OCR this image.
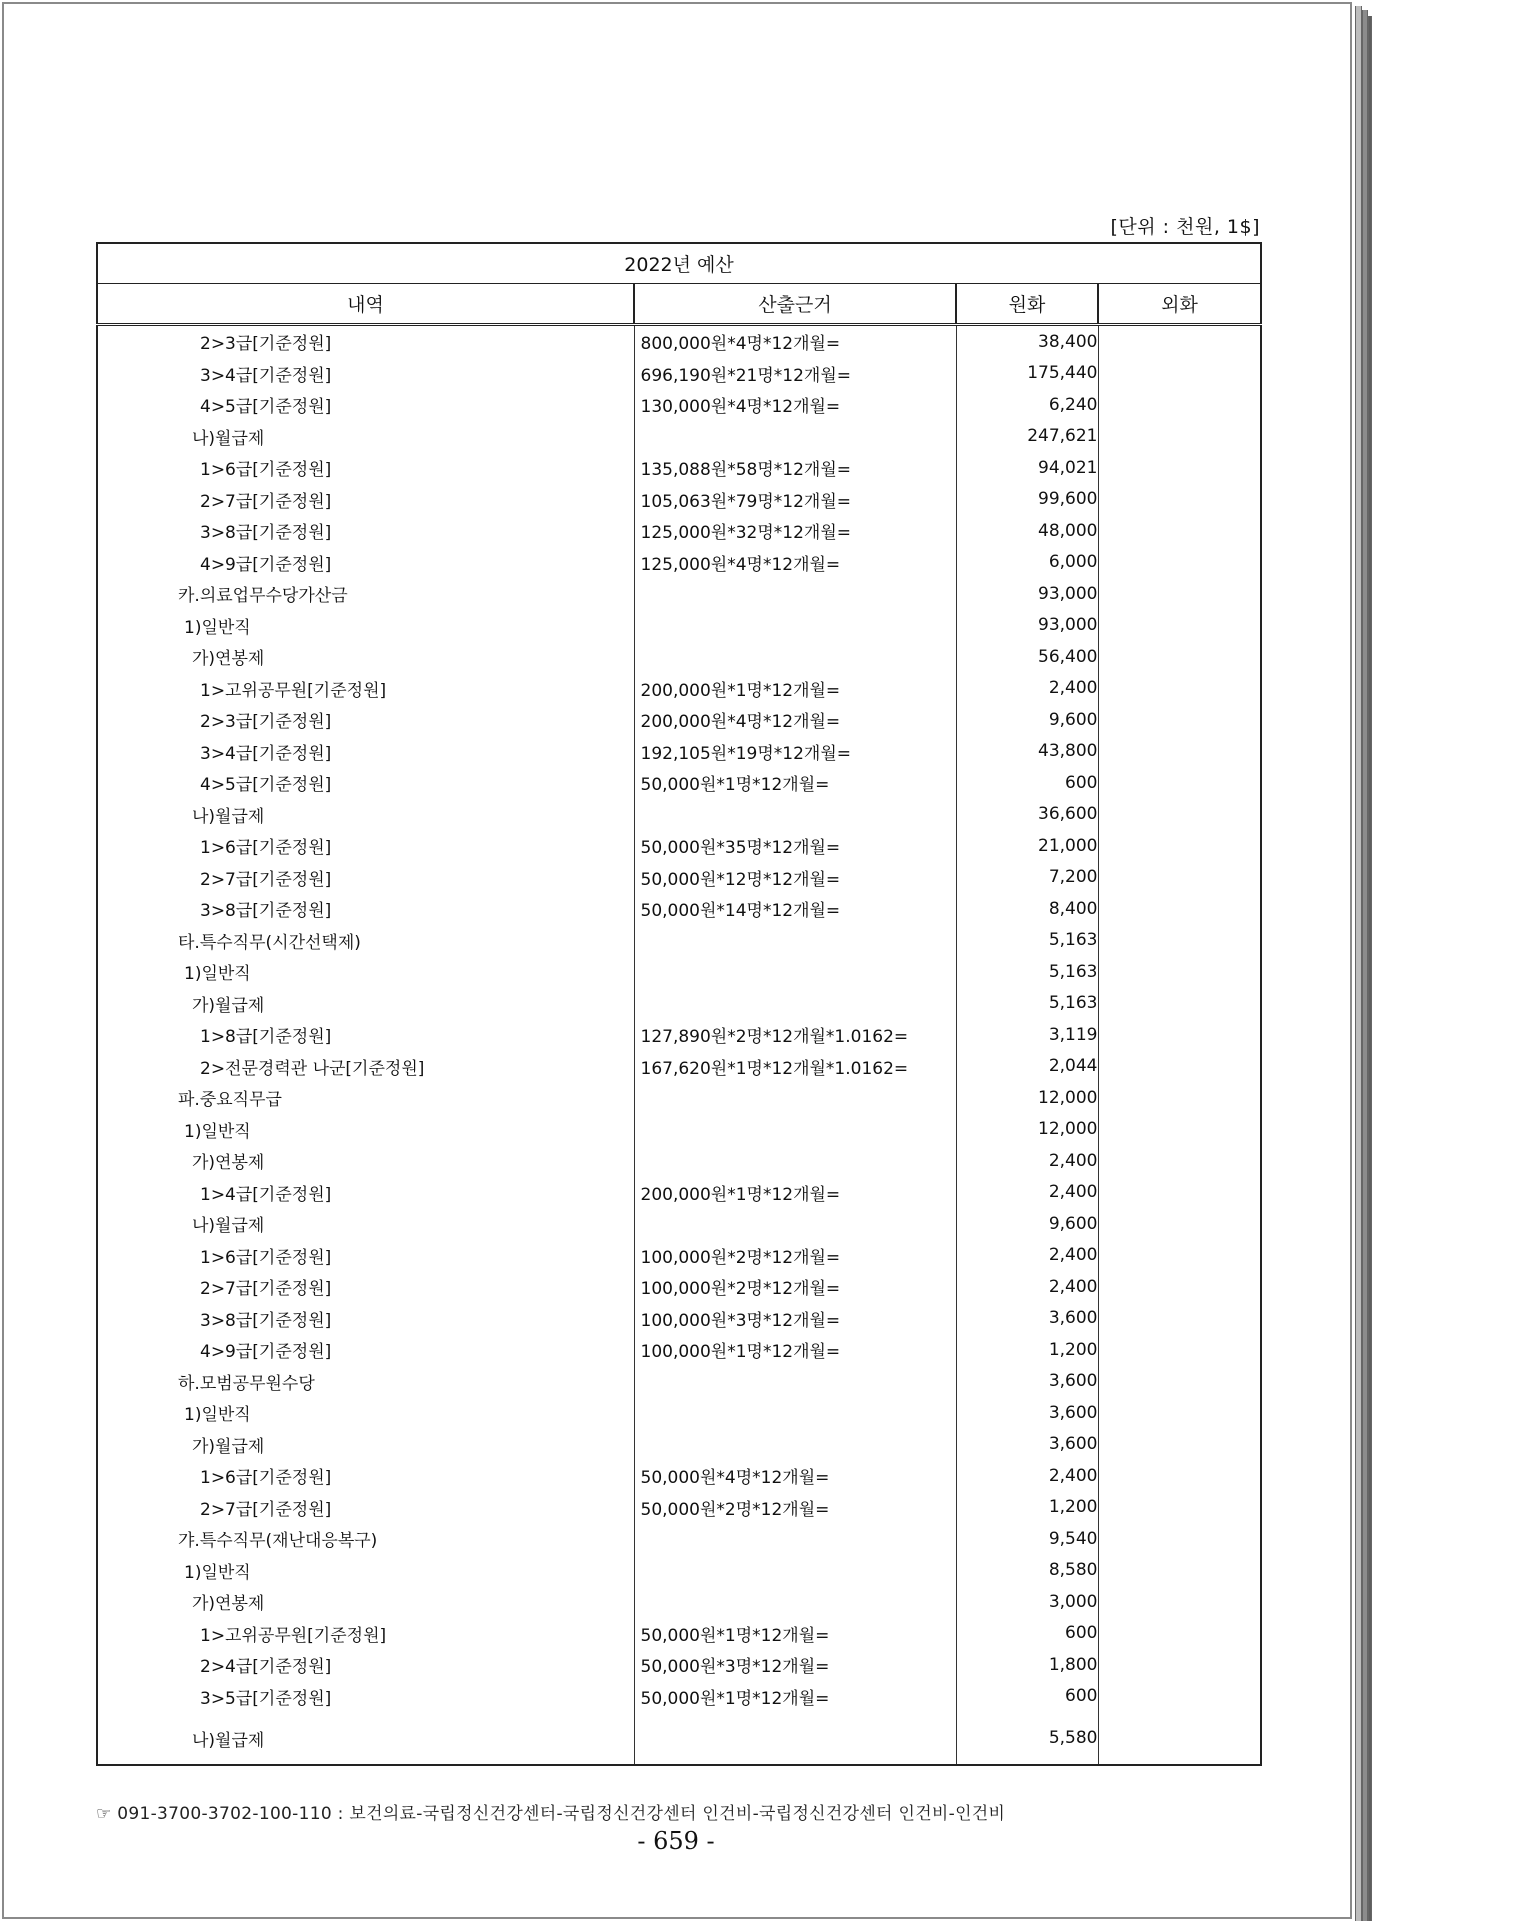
[단위 : 천원, 1$]
2022년 예산			
내역	산출근거	원화	외화
2>3급[기준정원]	800,000원*4명*12개월=	38,400	
3>4급[기준정원]	696,190원*21명*12개월=	175,440	
4>5급[기준정원]	130,000원*4명*12개월=	6,240	
나)월급제		247,621	
1>6급[기준정원]	135,088원*58명*12개월=	94,021	
2>7급[기준정원]	105,063원*79명*12개월=	99,600	
3>8급[기준정원]	125,000원*32명*12개월=	48,000	
4>9급[기준정원]	125,000원*4명*12개월=	6,000	
카.의료업무수당가산금		93,000	
1)일반직		93,000	
가)연봉제		56,400	
1>고위공무원[기준정원]	200,000원*1명*12개월=	2,400	
2>3급[기준정원]	200,000원*4명*12개월=	9,600	
3>4급[기준정원]	192,105원*19명*12개월=	43,800	
4>5급[기준정원]	50,000원*1명*12개월=	600	
나)월급제		36,600	
1>6급[기준정원]	50,000원*35명*12개월=	21,000	
2>7급[기준정원]	50,000원*12명*12개월=	7,200	
3>8급[기준정원]	50,000원*14명*12개월=	8,400	
타.특수직무(시간선택제)		5,163	
1)일반직		5,163	
가)월급제		5,163	
1>8급[기준정원]	127,890원*2명*12개월*1.0162=	3,119	
2>전문경력관 나군[기준정원]	167,620원*1명*12개월*1.0162=	2,044	
파.중요직무급		12,000	
1)일반직		12,000	
가)연봉제		2,400	
1>4급[기준정원]	200,000원*1명*12개월=	2,400	
나)월급제		9,600	
1>6급[기준정원]	100,000원*2명*12개월=	2,400	
2>7급[기준정원]	100,000원*2명*12개월=	2,400	
3>8급[기준정원]	100,000원*3명*12개월=	3,600	
4>9급[기준정원]	100,000원*1명*12개월=	1,200	
하.모범공무원수당		3,600	
1)일반직		3,600	
가)월급제		3,600	
1>6급[기준정원]	50,000원*4명*12개월=	2,400	
2>7급[기준정원]	50,000원*2명*12개월=	1,200	
갸.특수직무(재난대응복구)		9,540	
1)일반직		8,580	
가)연봉제		3,000	
1>고위공무원[기준정원]	50,000원*1명*12개월=	600	
2>4급[기준정원]	50,000원*3명*12개월=	1,800	
3>5급[기준정원]	50,000원*1명*12개월=	600	
나)월급제		5,580	
☞ 091-3700-3702-100-110 : 보건의료-국립정신건강센터-국립정신건강센터 인건비-국립정신건강센터 인건비-인건비
- 659 -
